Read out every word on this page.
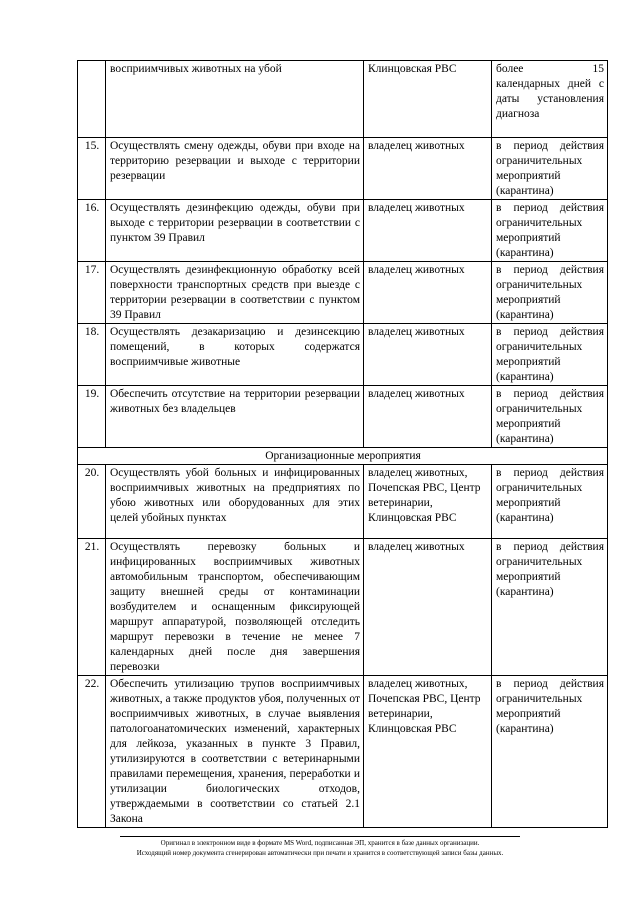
	восприимчивых животных на убой	Клинцовская РВС	более 15 календарных дней с даты установления диагноза
15.	Осуществлять смену одежды, обуви при входе на территорию резервации и выходе с территории резервации	владелец животных	в период действия ограничительных мероприятий (карантина)
16.	Осуществлять дезинфекцию одежды, обуви при выходе с территории резервации в соответствии с пунктом 39 Правил	владелец животных	в период действия ограничительных мероприятий (карантина)
17.	Осуществлять дезинфекционную обработку всей поверхности транспортных средств при выезде с территории резервации в соответствии с пунктом 39 Правил	владелец животных	в период действия ограничительных мероприятий (карантина)
18.	Осуществлять дезакаризацию и дезинсекцию помещений, в которых содержатся восприимчивые животные	владелец животных	в период действия ограничительных мероприятий (карантина)
19.	Обеспечить отсутствие на территории резервации животных без владельцев	владелец животных	в период действия ограничительных мероприятий (карантина)
Организационные мероприятия			
20.	Осуществлять убой больных и инфицированных восприимчивых животных на предприятиях по убою животных или оборудованных для этих целей убойных пунктах	владелец животных, Почепская РВС, Центр ветеринарии, Клинцовская РВС	в период действия ограничительных мероприятий (карантина)
21.	Осуществлять перевозку больных и инфицированных восприимчивых животных автомобильным транспортом, обеспечивающим защиту внешней среды от контаминации возбудителем и оснащенным фиксирующей маршрут аппаратурой, позволяющей отследить маршрут перевозки в течение не менее 7 календарных дней после дня завершения перевозки	владелец животных	в период действия ограничительных мероприятий (карантина)
22.	Обеспечить утилизацию трупов восприимчивых животных, а также продуктов убоя, полученных от восприимчивых животных, в случае выявления патологоанатомических изменений, характерных для лейкоза, указанных в пункте 3 Правил, утилизируются в соответствии с ветеринарными правилами перемещения, хранения, переработки и утилизации биологических отходов, утверждаемыми в соответствии со статьей 2.1 Закона	владелец животных, Почепская РВС, Центр ветеринарии, Клинцовская РВС	в период действия ограничительных мероприятий (карантина)
Оригинал в электронном виде в формате MS Word, подписанная ЭП, хранится в базе данных организации.
Исходящий номер документа сгенерирован автоматически при печати и хранится в соответствующей записи базы данных.
